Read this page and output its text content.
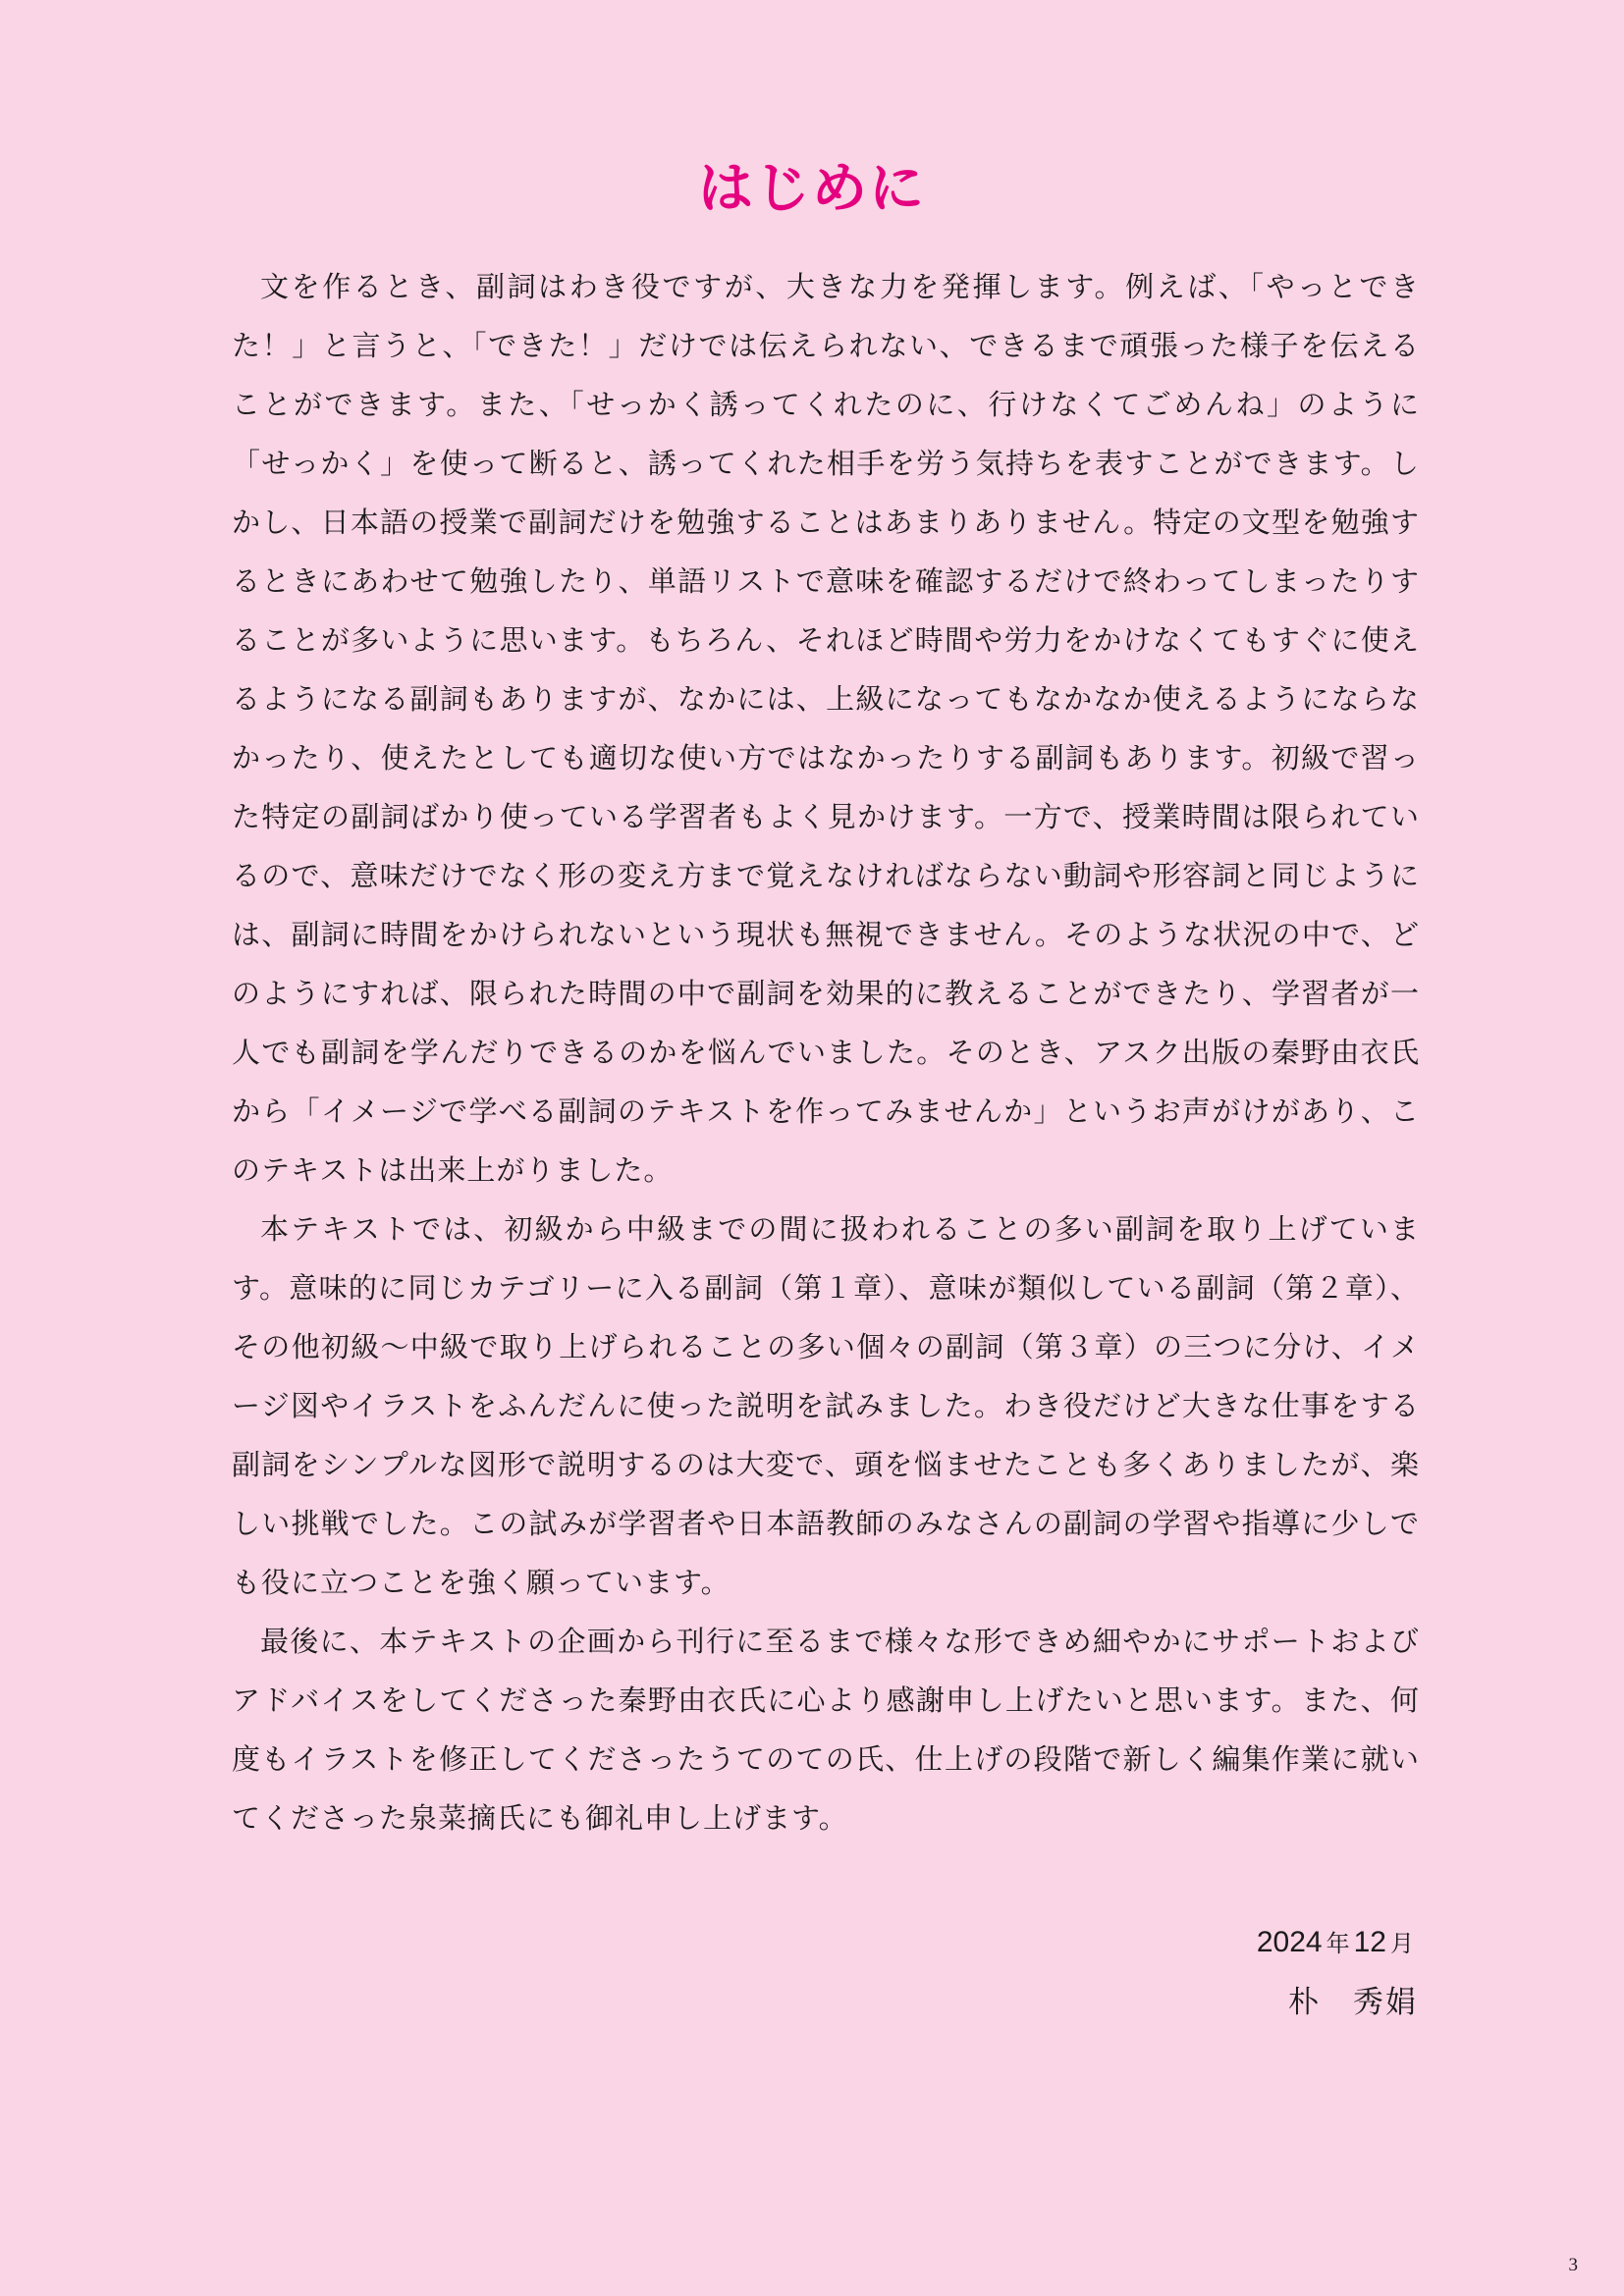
はじめに

文を作るとき、副詞はわき役ですが、大きな力を発揮します。例えば、「やっとできた！」と言うと、「できた！」だけでは伝えられない、できるまで頑張った様子を伝えることができます。また、「せっかく誘ってくれたのに、行けなくてごめんね」のように「せっかく」を使って断ると、誘ってくれた相手を労う気持ちを表すことができます。しかし、日本語の授業で副詞だけを勉強することはあまりありません。特定の文型を勉強するときにあわせて勉強したり、単語リストで意味を確認するだけで終わってしまったりすることが多いように思います。もちろん、それほど時間や労力をかけなくてもすぐに使えるようになる副詞もありますが、なかには、上級になってもなかなか使えるようにならなかったり、使えたとしても適切な使い方ではなかったりする副詞もあります。初級で習った特定の副詞ばかり使っている学習者もよく見かけます。一方で、授業時間は限られているので、意味だけでなく形の変え方まで覚えなければならない動詞や形容詞と同じようには、副詞に時間をかけられないという現状も無視できません。そのような状況の中で、どのようにすれば、限られた時間の中で副詞を効果的に教えることができたり、学習者が一人でも副詞を学んだりできるのかを悩んでいました。そのとき、アスク出版の秦野由衣氏から「イメージで学べる副詞のテキストを作ってみませんか」というお声がけがあり、このテキストは出来上がりました。

本テキストでは、初級から中級までの間に扱われることの多い副詞を取り上げています。意味的に同じカテゴリーに入る副詞（第１章）、意味が類似している副詞（第２章）、その他初級～中級で取り上げられることの多い個々の副詞（第３章）の三つに分け、イメージ図やイラストをふんだんに使った説明を試みました。わき役だけど大きな仕事をする副詞をシンプルな図形で説明するのは大変で、頭を悩ませたことも多くありましたが、楽しい挑戦でした。この試みが学習者や日本語教師のみなさんの副詞の学習や指導に少しでも役に立つことを強く願っています。

最後に、本テキストの企画から刊行に至るまで様々な形できめ細やかにサポートおよびアドバイスをしてくださった秦野由衣氏に心より感謝申し上げたいと思います。また、何度もイラストを修正してくださったうてのての氏、仕上げの段階で新しく編集作業に就いてくださった泉菜摘氏にも御礼申し上げます。

2024 年 12 月
朴　秀娟
3
